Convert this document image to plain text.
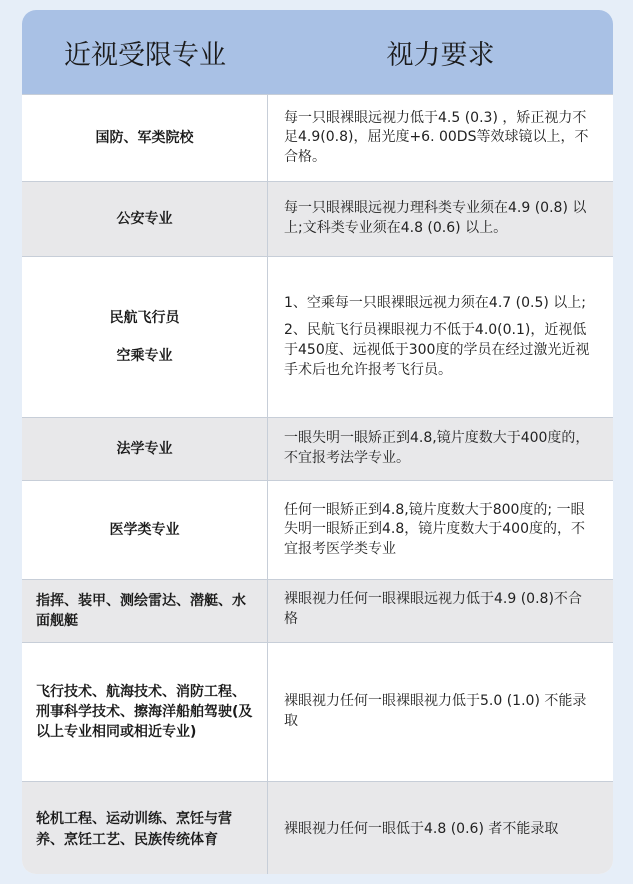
近视受限专业	视力要求
国防、军类院校
每一只眼裸眼远视力低于4.5 (0.3) ，矫正视力不足4.9(0.8)，屈光度+6. 00DS等效球镜以上，不合格。
公安专业
每一只眼裸眼远视力理科类专业须在4.9 (0.8) 以上;文科类专业须在4.8 (0.6) 以上。
民航飞行员
空乘专业

1、空乘每一只眼裸眼远视力须在4.7 (0.5) 以上;

2、民航飞行员裸眼视力不低于4.0(0.1)，近视低于450度、远视低于300度的学员在经过激光近视手术后也允许报考飞行员。

法学专业
一眼失明一眼矫正到4.8,镜片度数大于400度的，不宜报考法学专业。
医学类专业
任何一眼矫正到4.8,镜片度数大于800度的; 一眼失明一眼矫正到4.8，镜片度数大于400度的，不宜报考医学类专业
指挥、装甲、测绘雷达、潜艇、水面舰艇
裸眼视力任何一眼裸眼远视力低于4.9 (0.8)不合格
飞行技术、航海技术、消防工程、刑事科学技术、擦海洋船舶驾驶(及以上专业相同或相近专业)
裸眼视力任何一眼裸眼视力低于5.0 (1.0) 不能录取
轮机工程、运动训练、烹饪与营养、烹饪工艺、民族传统体育
裸眼视力任何一眼低于4.8 (0.6) 者不能录取
